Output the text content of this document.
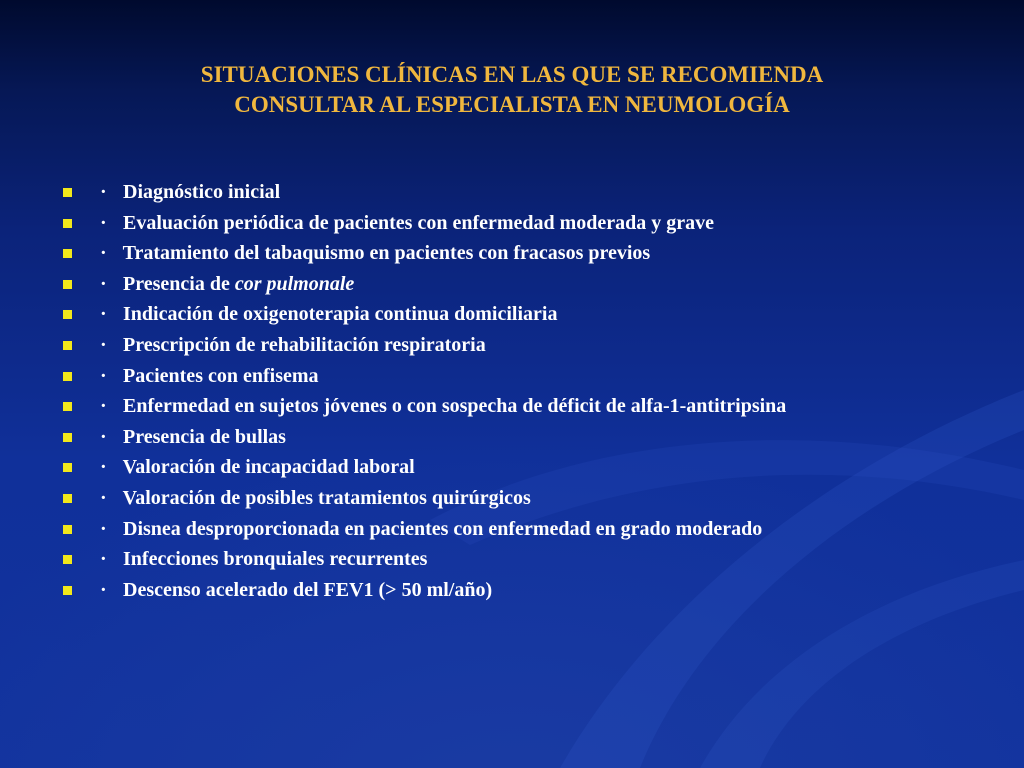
SITUACIONES CLÍNICAS EN LAS QUE SE RECOMIENDA
CONSULTAR AL ESPECIALISTA EN NEUMOLOGÍA
· Diagnóstico inicial
· Evaluación periódica de pacientes con enfermedad moderada y grave
· Tratamiento del tabaquismo en pacientes con fracasos previos
· Presencia de cor pulmonale
· Indicación de oxigenoterapia continua domiciliaria
· Prescripción de rehabilitación respiratoria
· Pacientes con enfisema
· Enfermedad en sujetos jóvenes o con sospecha de déficit de alfa-1-antitripsina
· Presencia de bullas
· Valoración de incapacidad laboral
· Valoración de posibles tratamientos quirúrgicos
· Disnea desproporcionada en pacientes con enfermedad en grado moderado
· Infecciones bronquiales recurrentes
· Descenso acelerado del FEV1 (> 50 ml/año)
